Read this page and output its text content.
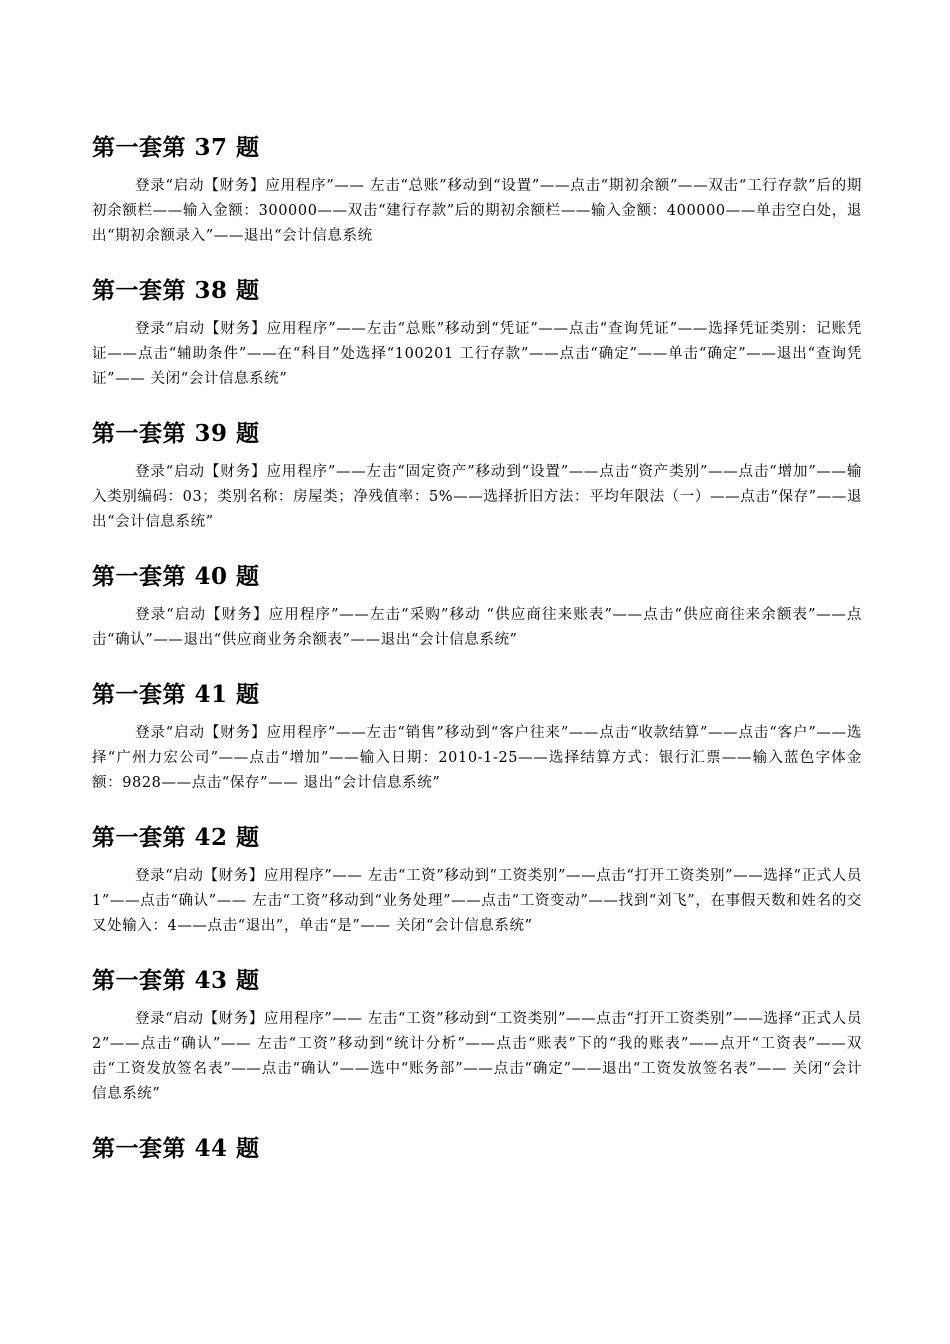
第一套第 37 题

登录“启动【财务】应用程序”—— 左击“总账”移动到“设置”——点击“期初余额”——双击“工行存款”后的期初余额栏——输入金额：300000——双击“建行存款”后的期初余额栏——输入金额：400000——单击空白处，退出“期初余额录入”——退出“会计信息系统

第一套第 38 题

登录“启动【财务】应用程序”——左击“总账”移动到“凭证”——点击“查询凭证”——选择凭证类别：记账凭证——点击“辅助条件”——在“科目”处选择“100201 工行存款”——点击“确定”——单击“确定”——退出“查询凭证”—— 关闭“会计信息系统”

第一套第 39 题

登录“启动【财务】应用程序”——左击“固定资产”移动到“设置”——点击“资产类别”——点击“增加”——输入类别编码：03；类别名称：房屋类；净残值率：5%——选择折旧方法：平均年限法（一）——点击“保存”——退出“会计信息系统”

第一套第 40 题

登录“启动【财务】应用程序”——左击“采购”移动 “供应商往来账表”——点击“供应商往来余额表”——点击“确认”——退出“供应商业务余额表”——退出“会计信息系统”

第一套第 41 题

登录“启动【财务】应用程序”——左击“销售”移动到“客户往来”——点击“收款结算”——点击“客户”——选择“广州力宏公司”——点击“增加”——输入日期：2010-1-25——选择结算方式：银行汇票——输入蓝色字体金额：9828——点击“保存”—— 退出“会计信息系统”

第一套第 42 题

登录“启动【财务】应用程序”—— 左击“工资”移动到“工资类别”——点击“打开工资类别”——选择“正式人员 1”——点击“确认”—— 左击“工资”移动到“业务处理”——点击“工资变动”——找到“刘飞”，在事假天数和姓名的交叉处输入：4——点击“退出”，单击“是”—— 关闭“会计信息系统”

第一套第 43 题

登录“启动【财务】应用程序”—— 左击“工资”移动到“工资类别”——点击“打开工资类别”——选择“正式人员 2”——点击“确认”—— 左击“工资”移动到“统计分析”——点击“账表”下的“我的账表”——点开“工资表”——双击“工资发放签名表”——点击“确认”——选中“账务部”——点击“确定”——退出“工资发放签名表”—— 关闭“会计信息系统”

第一套第 44 题
